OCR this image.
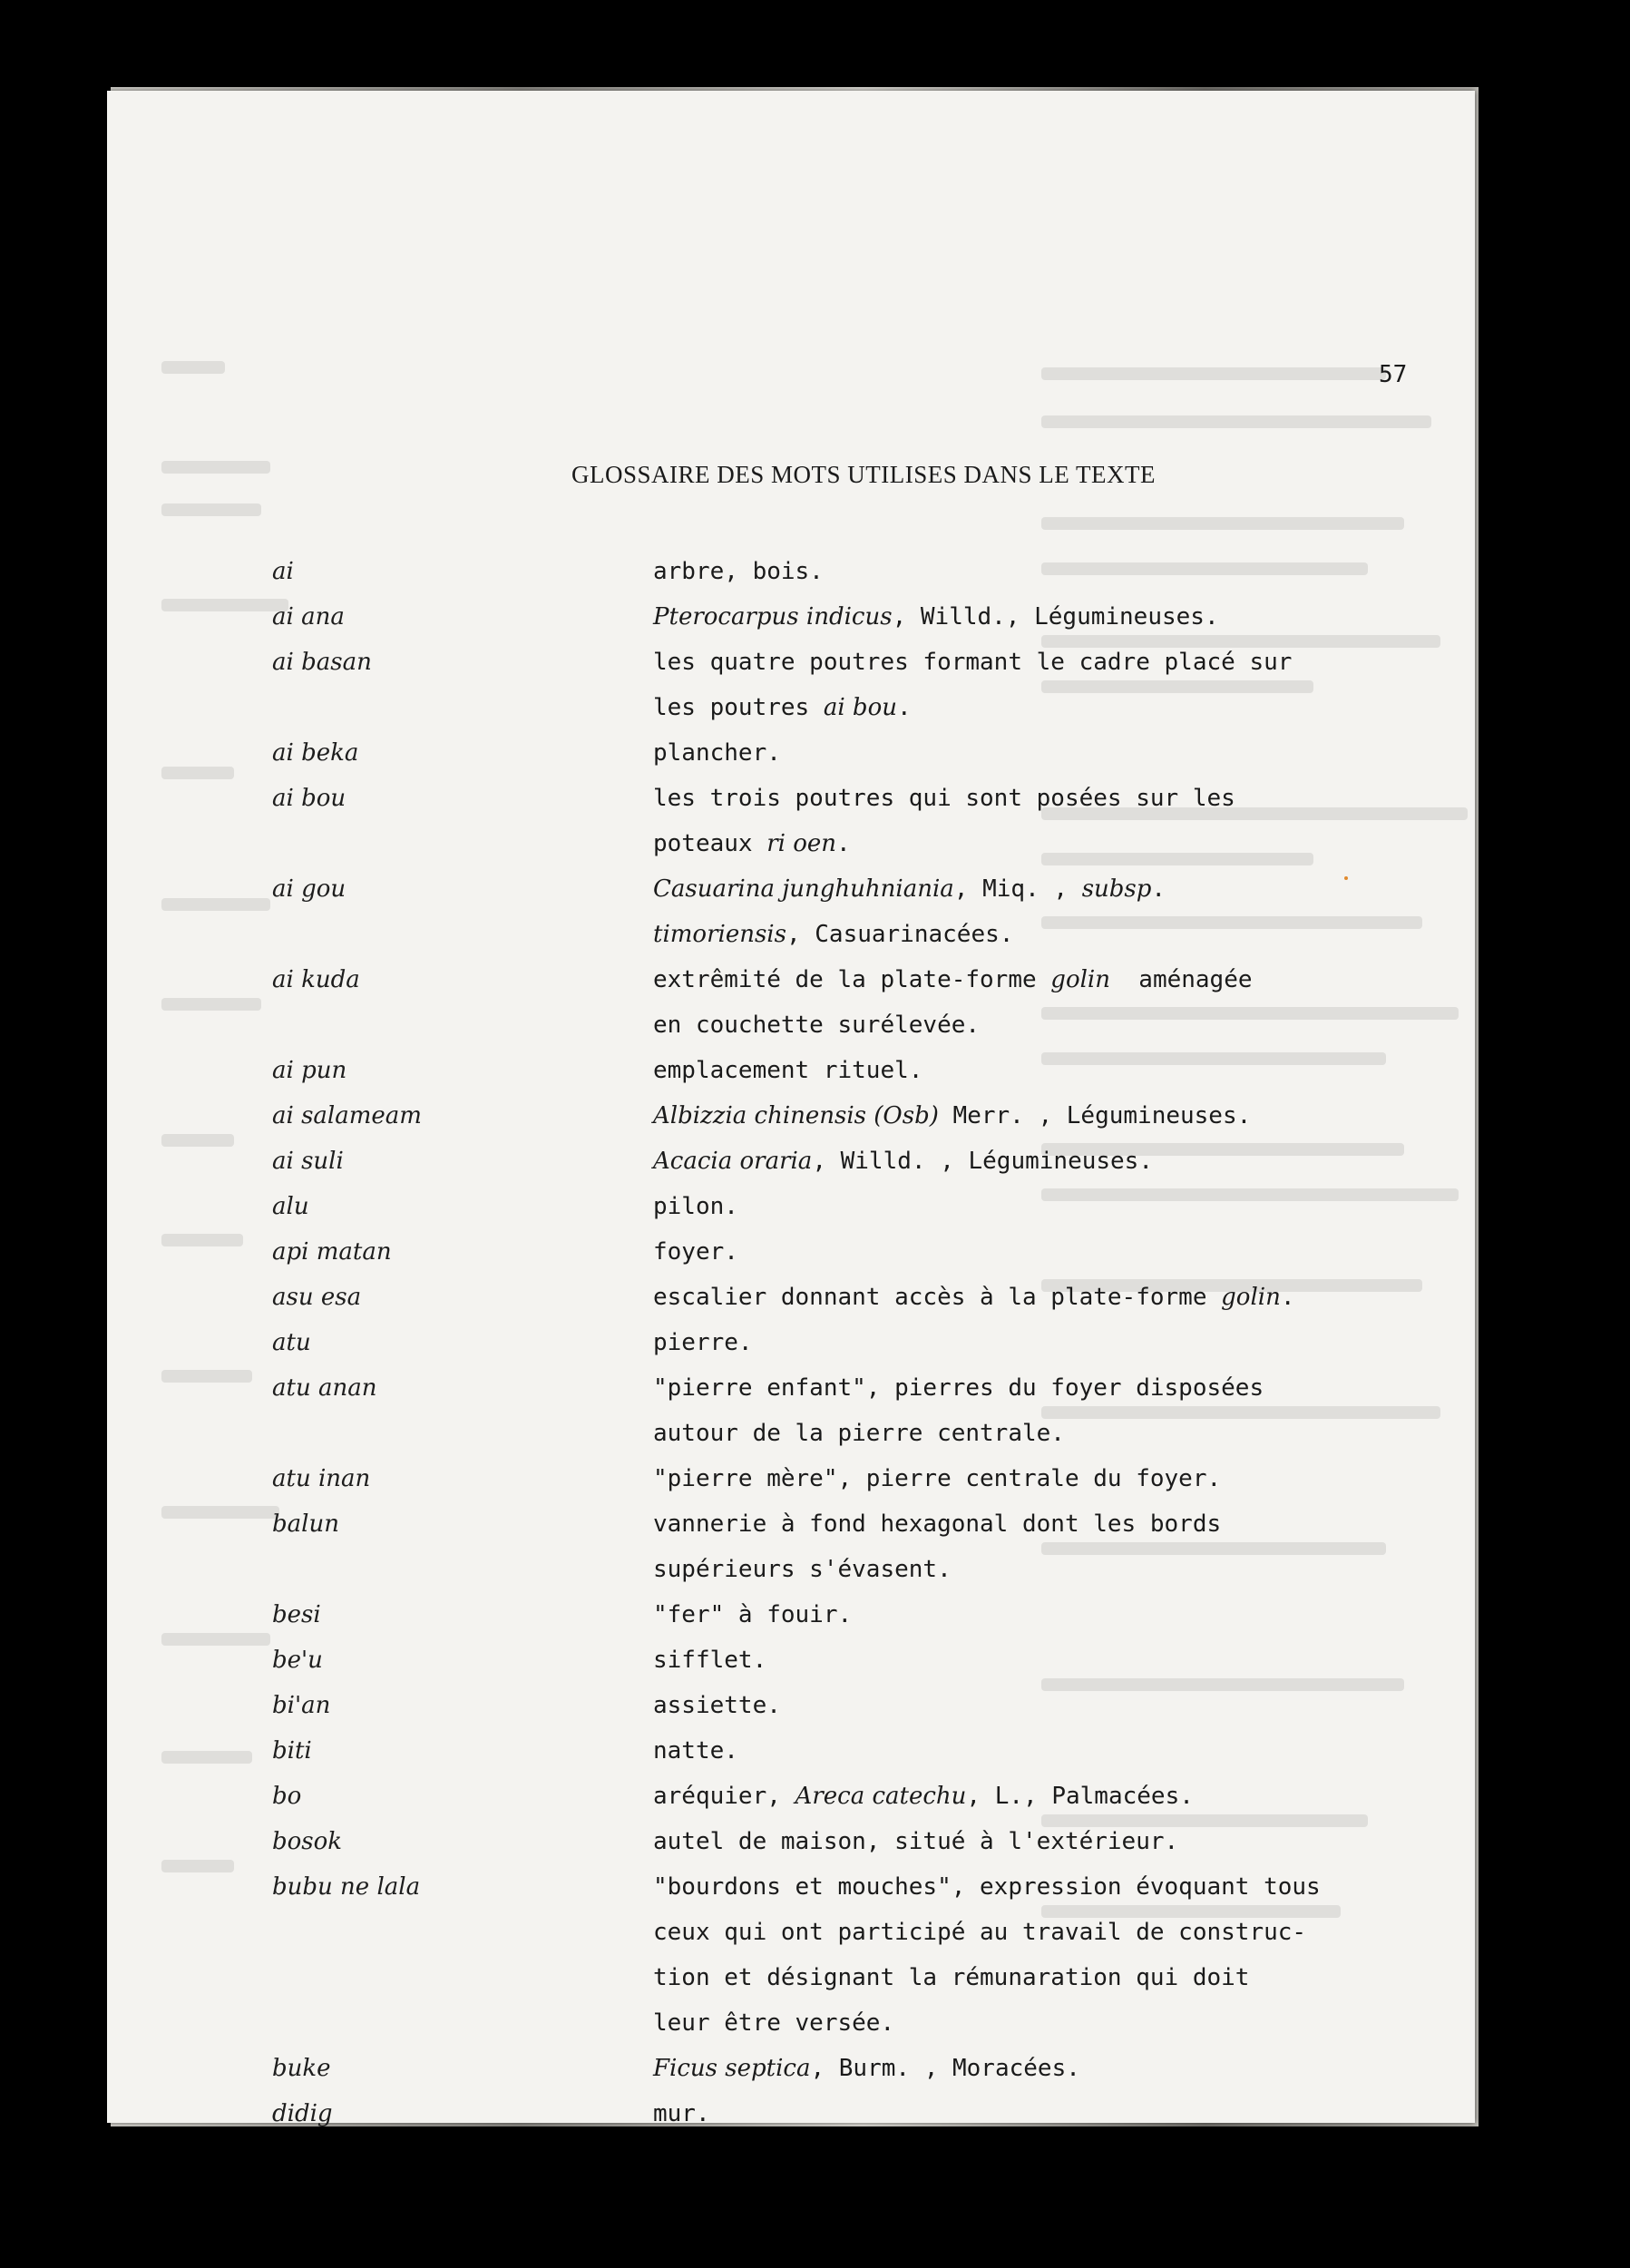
57
GLOSSAIRE DES MOTS UTILISES DANS LE TEXTE
ai	arbre, bois.
ai ana	Pterocarpus indicus, Willd., Légumineuses.
ai basan	les quatre poutres formant le cadre placé sur
les poutres ai bou.
ai beka	plancher.
ai bou	les trois poutres qui sont posées sur les
poteaux ri oen.
ai gou	Casuarina junghuhniania, Miq. , subsp.
timoriensis, Casuarinacées.
ai kuda	extrêmité de la plate-forme golin  aménagée
en couchette surélevée.
ai pun	emplacement rituel.
ai salameam	Albizzia chinensis (Osb) Merr. , Légumineuses.
ai suli	Acacia oraria, Willd. , Légumineuses.
alu	pilon.
api matan	foyer.
asu esa	escalier donnant accès à la plate-forme golin.
atu	pierre.
atu anan	"pierre enfant", pierres du foyer disposées
autour de la pierre centrale.
atu inan	"pierre mère", pierre centrale du foyer.
balun	vannerie à fond hexagonal dont les bords
supérieurs s'évasent.
besi	"fer" à fouir.
be'u	sifflet.
bi'an	assiette.
biti	natte.
bo	aréquier, Areca catechu, L., Palmacées.
bosok	autel de maison, situé à l'extérieur.
bubu ne lala	"bourdons et mouches", expression évoquant tous
ceux qui ont participé au travail de construc-
tion et désignant la rémunaration qui doit
leur être versée.
buke	Ficus septica, Burm. , Moracées.
didig	mur.
